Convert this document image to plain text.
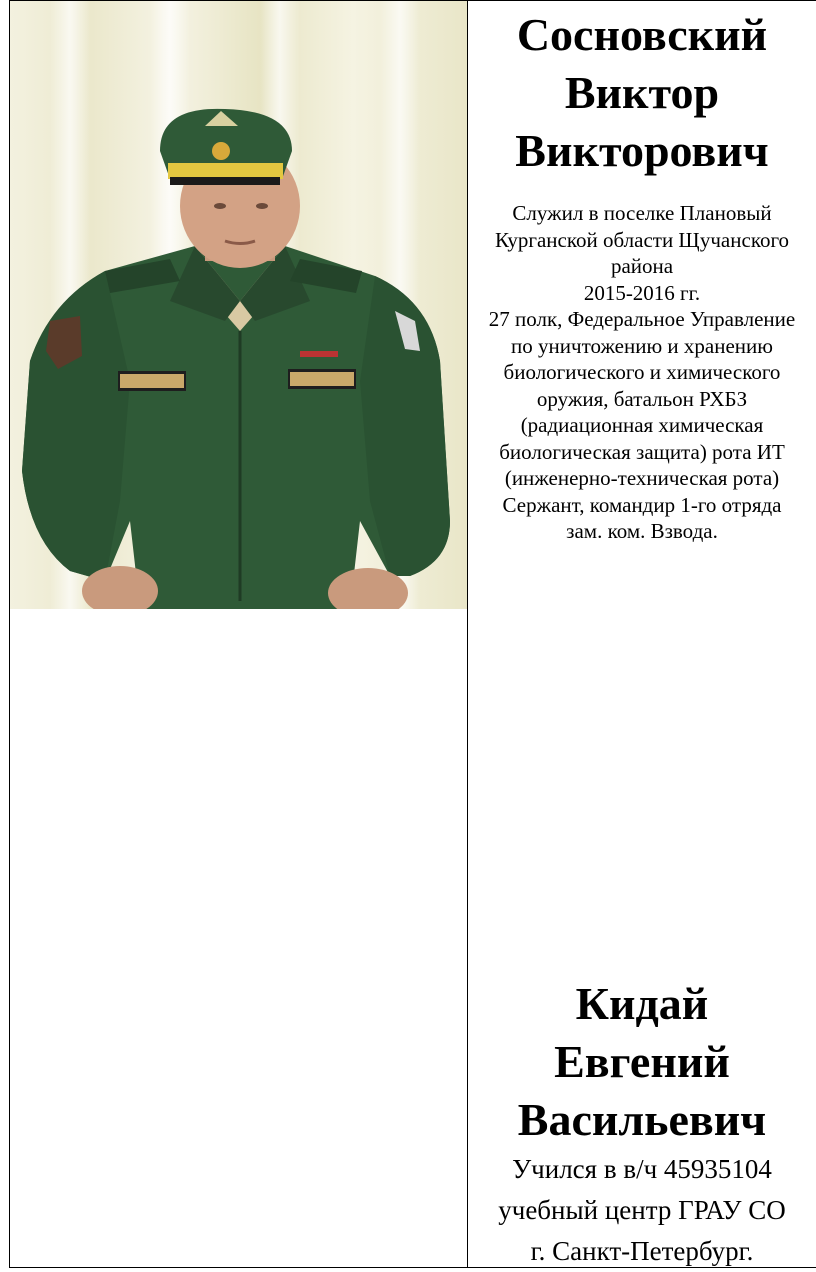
Сосновский
Виктор
Викторович
Служил в поселке Плановый
Курганской области Щучанского
района
2015-2016 гг.
27 полк, Федеральное Управление
по уничтожению и хранению
биологического и химического
оружия, батальон РХБЗ
(радиационная химическая
биологическая защита) рота ИТ
(инженерно-техническая рота)
Сержант, командир 1-го отряда
зам. ком. Взвода.
Кидай
Евгений
Васильевич
Учился в в/ч 45935104
учебный центр ГРАУ СО
г. Санкт-Петербург.
